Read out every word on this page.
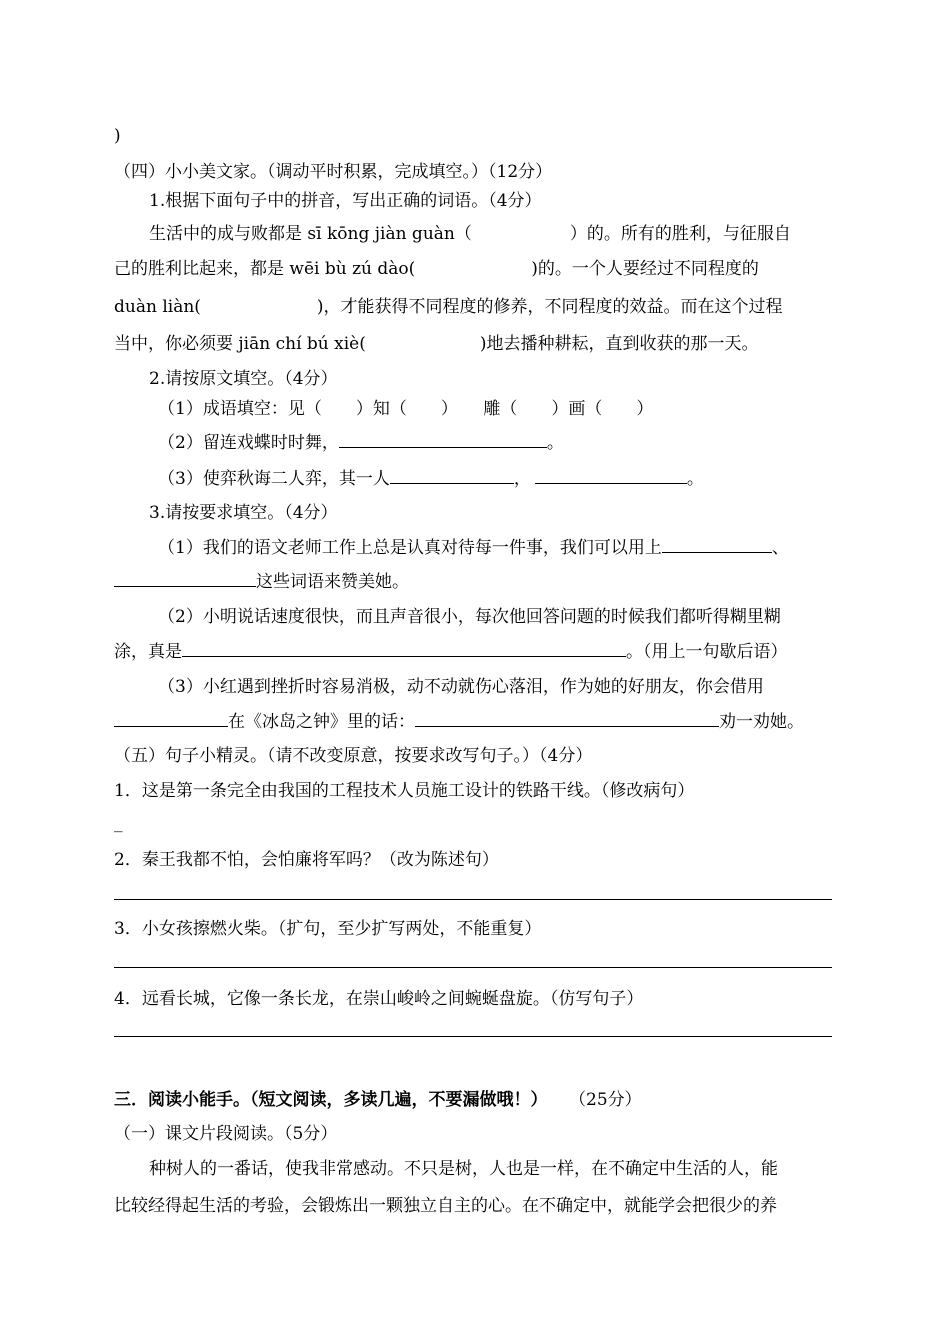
)
（四）小小美文家。（调动平时积累，完成填空。）（12分）
1.根据下面句子中的拼音，写出正确的词语。（4分）
生活中的成与败都是 sī kōng jiàn guàn（	）的。所有的胜利，与征服自
己的胜利比起来，都是 wēi bù zú dào(	)的。一个人要经过不同程度的
duàn liàn(	)，才能获得不同程度的修养，不同程度的效益。而在这个过程
当中，你必须要 jiān chí bú xiè(	)地去播种耕耘，直到收获的那一天。
2.请按原文填空。（4分）
（1）成语填空：见（　　）知（　　）　　雕（　　）画（　　）
（2）留连戏蝶时时舞，	。
（3）使弈秋诲二人弈，其一人	，	。
3.请按要求填空。（4分）
（1）我们的语文老师工作上总是认真对待每一件事，我们可以用上	、
这些词语来赞美她。
（2）小明说话速度很快，而且声音很小，每次他回答问题的时候我们都听得糊里糊
涂，真是	。（用上一句歇后语）
（3）小红遇到挫折时容易消极，动不动就伤心落泪，作为她的好朋友，你会借用
在《冰岛之钟》里的话：	劝一劝她。
（五）句子小精灵。（请不改变原意，按要求改写句子。）（4分）
1．这是第一条完全由我国的工程技术人员施工设计的铁路干线。（修改病句）
_
2．秦王我都不怕，会怕廉将军吗？（改为陈述句）
3．小女孩擦燃火柴。（扩句，至少扩写两处，不能重复）
4．远看长城，它像一条长龙，在崇山峻岭之间蜿蜒盘旋。（仿写句子）
三．阅读小能手。（短文阅读，多读几遍，不要漏做哦！） （25分）
（一）课文片段阅读。（5分）
种树人的一番话，使我非常感动。不只是树，人也是一样，在不确定中生活的人，能
比较经得起生活的考验，会锻炼出一颗独立自主的心。在不确定中，就能学会把很少的养
